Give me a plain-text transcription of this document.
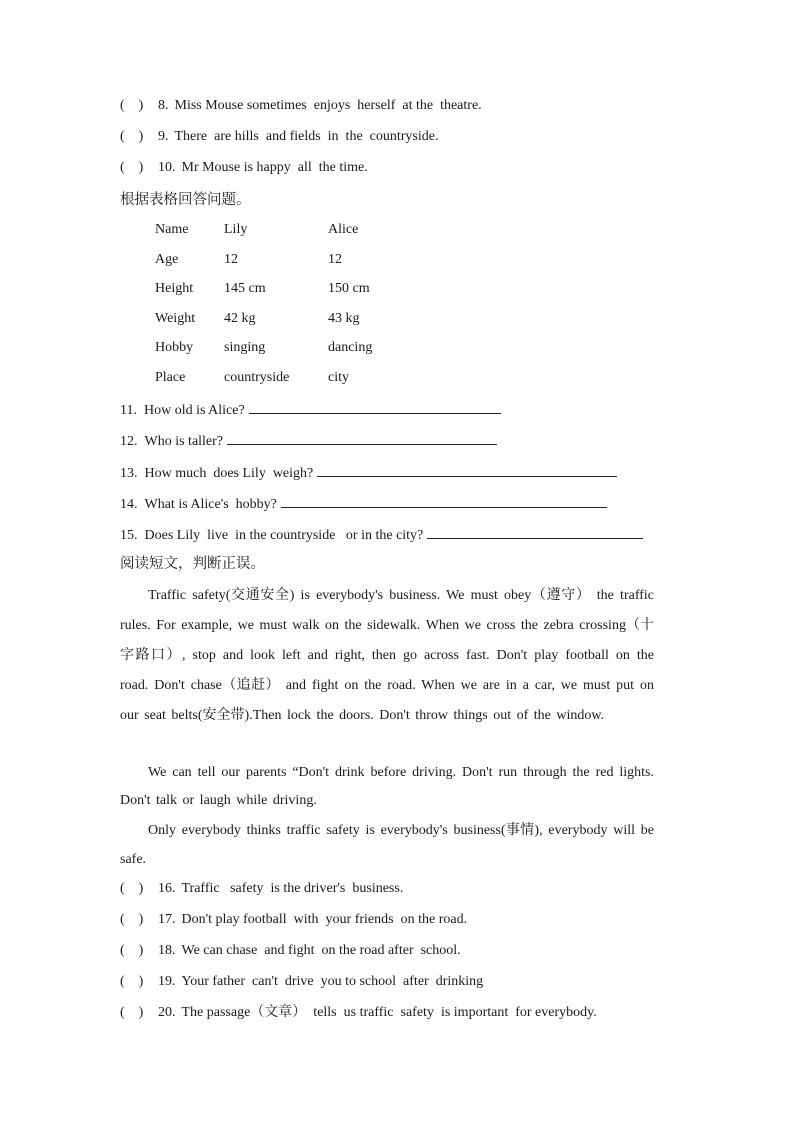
(    ) 8. Miss Mouse sometimes  enjoys  herself  at the  theatre.
(    ) 9. There  are hills  and fields  in  the  countryside.
(    ) 10. Mr Mouse is happy  all  the time.
根据表格回答问题。
Name	Lily	Alice
Age	12	12
Height 145 cm	150 cm
Weight 42 kg	43 kg
Hobby singing	dancing
Place	countryside	city
11. How old is Alice?
12. Who is taller?
13. How much  does Lily  weigh?
14. What is Alice's  hobby?
15. Does Lily  live  in the countryside   or in the city?
阅读短文，判断正误。
Traffic safety(交通安全) is everybody's business. We must obey（遵守） the traffic rules. For example, we must walk on the sidewalk. When we cross the zebra crossing（十字路口）, stop and look left and right, then go across fast. Don't play football on the road. Don't chase（追赶） and fight on the road. When we are in a car, we must put on our seat belts(安全带).Then lock the doors. Don't throw things out of the window.
We can tell our parents “Don't drink before driving. Don't run through the red lights. Don't talk or laugh while driving.
Only everybody thinks traffic safety is everybody's business(事情), everybody will be safe.
(    ) 16. Traffic   safety  is the driver's  business.
(    ) 17. Don't play football  with  your friends  on the road.
(    ) 18. We can chase  and fight  on the road after  school.
(    ) 19. Your father  can't  drive  you to school  after  drinking
(    ) 20. The passage（文章）  tells  us traffic  safety  is important  for everybody.
